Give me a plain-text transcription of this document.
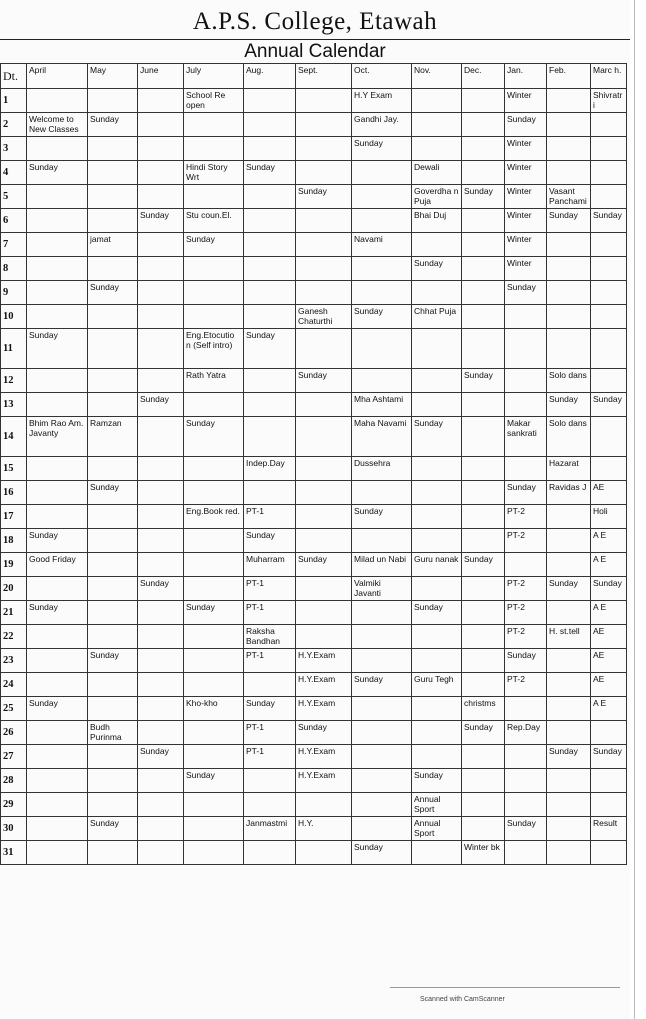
A.P.S. College, Etawah
Annual Calendar
Dt.	April	May	June	July	Aug.	Sept.	Oct.	Nov.	Dec.	Jan.	Feb.	Marc h.
1				School Re open			H.Y Exam			Winter		Shivratr i
2	Welcome to New Classes	Sunday					Gandhi Jay.			Sunday		
3							Sunday			Winter		
4	Sunday			Hindi Story Wrt	Sunday			Dewali		Winter		
5						Sunday		Goverdha n Puja	Sunday	Winter	Vasant Panchami	
6			Sunday	Stu coun.El.				Bhai Duj		Winter	Sunday	Sunday
7		jamat		Sunday			Navami			Winter		
8								Sunday		Winter		
9		Sunday								Sunday		
10						Ganesh Chaturthi	Sunday	Chhat Puja				
11	Sunday			Eng.Etocutio n (Self intro)	Sunday							
12				Rath Yatra		Sunday			Sunday		Solo dans	
13			Sunday				Mha Ashtami				Sunday	Sunday
14	Bhim Rao Am. Javanty	Ramzan		Sunday			Maha Navami	Sunday		Makar sankrati	Solo dans	
15					Indep.Day		Dussehra				Hazarat	
16		Sunday								Sunday	Ravidas J	AE
17				Eng.Book red.	PT-1		Sunday			PT-2		Holi
18	Sunday				Sunday					PT-2		A E
19	Good Friday				Muharram	Sunday	Milad un Nabi	Guru nanak	Sunday			A E
20			Sunday		PT-1		Valmiki Javanti			PT-2	Sunday	Sunday
21	Sunday			Sunday	PT-1			Sunday		PT-2		A E
22					Raksha Bandhan					PT-2	H. st.tell	AE
23		Sunday			PT-1	H.Y.Exam				Sunday		AE
24						H.Y.Exam	Sunday	Guru Tegh		PT-2		AE
25	Sunday			Kho-kho	Sunday	H.Y.Exam			christms			A E
26		Budh Purinma			PT-1	Sunday			Sunday	Rep.Day		
27			Sunday		PT-1	H.Y.Exam					Sunday	Sunday
28				Sunday		H.Y.Exam		Sunday				
29								Annual Sport				
30		Sunday			Janmastmi	H.Y.		Annual Sport		Sunday		Result
31							Sunday		Winter bk			
Scanned with CamScanner
